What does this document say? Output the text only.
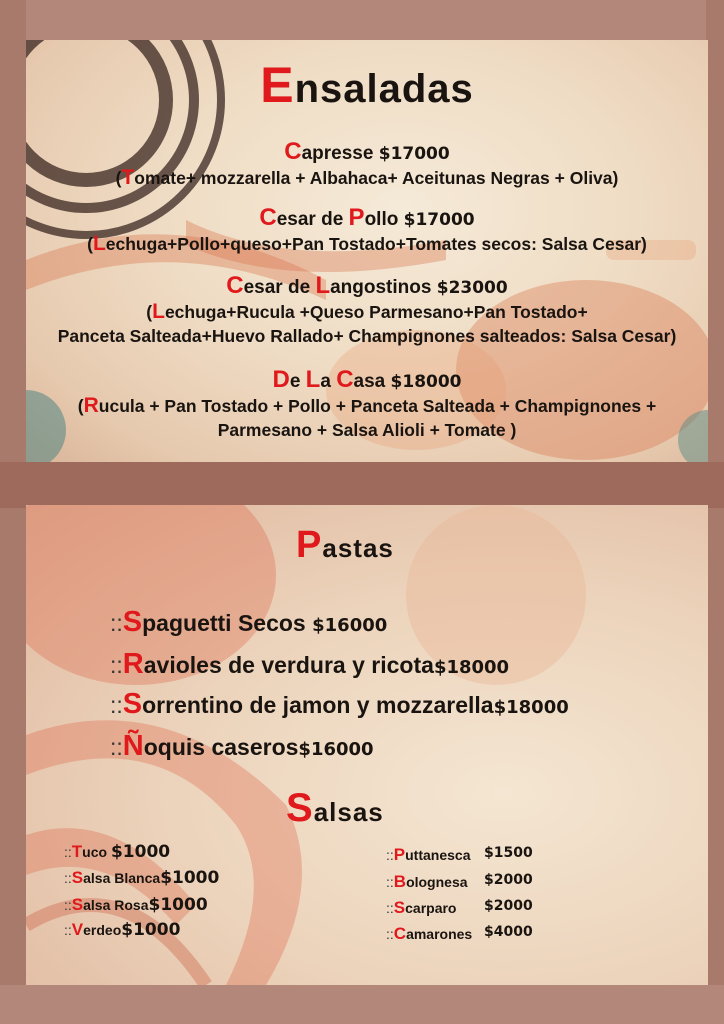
Ensaladas
Capresse $17000
(Tomate+ mozzarella + Albahaca+ Aceitunas Negras + Oliva)
Cesar de Pollo $17000
(Lechuga+Pollo+queso+Pan Tostado+Tomates secos: Salsa Cesar)
Cesar de Langostinos $23000
(Lechuga+Rucula +Queso Parmesano+Pan Tostado+
Panceta Salteada+Huevo Rallado+ Champignones salteados: Salsa Cesar)
De La Casa $18000
(Rucula + Pan Tostado + Pollo + Panceta Salteada + Champignones +
Parmesano + Salsa Alioli + Tomate )
Pastas
::Spaguetti Secos $16000
::Ravioles de verdura y ricota$18000
::Sorrentino de jamon y mozzarella$18000
::Ñoquis caseros$16000
Salsas
::Tuco $1000
::Salsa Blanca$1000
::Salsa Rosa$1000
::Verdeo$1000
::Puttanesca $1500
::Bolognesa $2000
::Scarparo $2000
::Camarones $4000
